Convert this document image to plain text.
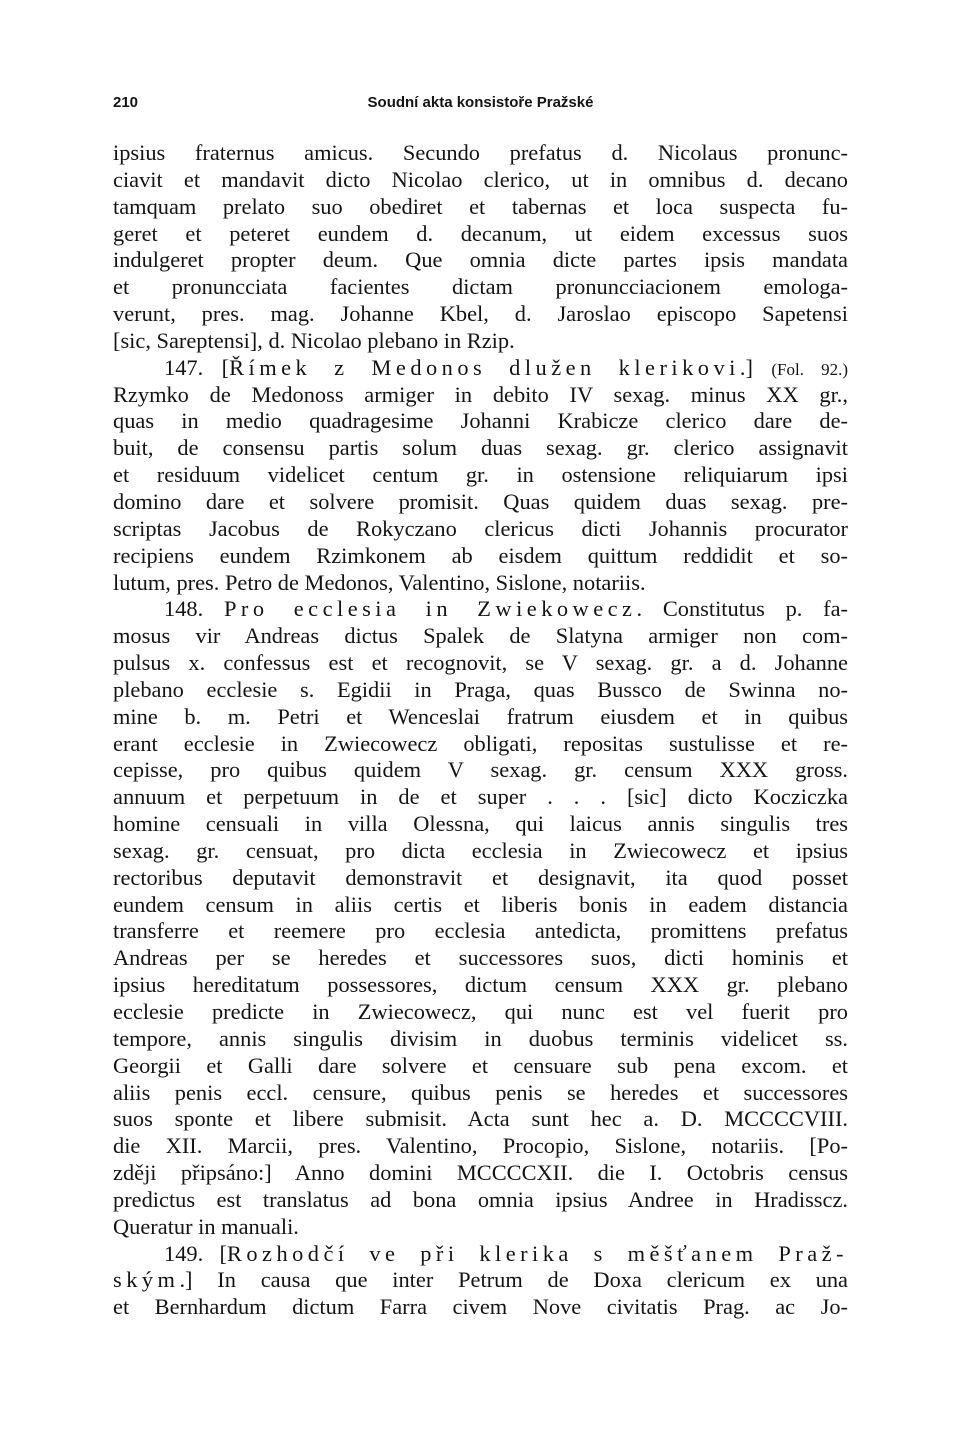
210	Soudní akta konsistoře Pražské
ipsius fraternus amicus. Secundo prefatus d. Nicolaus pronunc-
ciavit et mandavit dicto Nicolao clerico, ut in omnibus d. decano
tamquam prelato suo obediret et tabernas et loca suspecta fu-
geret et peteret eundem d. decanum, ut eidem excessus suos
indulgeret propter deum. Que omnia dicte partes ipsis mandata
et pronuncciata facientes dictam pronuncciacionem emologa-
verunt, pres. mag. Johanne Kbel, d. Jaroslao episcopo Sapetensi
[sic, Sareptensi], d. Nicolao plebano in Rzip.
147. [Římek z Medonos dlužen klerikovi.] (Fol. 92.)
Rzymko de Medonoss armiger in debito IV sexag. minus XX gr.,
quas in medio quadragesime Johanni Krabicze clerico dare de-
buit, de consensu partis solum duas sexag. gr. clerico assignavit
et residuum videlicet centum gr. in ostensione reliquiarum ipsi
domino dare et solvere promisit. Quas quidem duas sexag. pre-
scriptas Jacobus de Rokyczano clericus dicti Johannis procurator
recipiens eundem Rzimkonem ab eisdem quittum reddidit et so-
lutum, pres. Petro de Medonos, Valentino, Sislone, notariis.
148. Pro ecclesia in Zwiekowecz. Constitutus p. fa-
mosus vir Andreas dictus Spalek de Slatyna armiger non com-
pulsus x. confessus est et recognovit, se V sexag. gr. a d. Johanne
plebano ecclesie s. Egidii in Praga, quas Bussco de Swinna no-
mine b. m. Petri et Wenceslai fratrum eiusdem et in quibus
erant ecclesie in Zwiecowecz obligati, repositas sustulisse et re-
cepisse, pro quibus quidem V sexag. gr. censum XXX gross.
annuum et perpetuum in de et super . . . [sic] dicto Kocziczka
homine censuali in villa Olessna, qui laicus annis singulis tres
sexag. gr. censuat, pro dicta ecclesia in Zwiecowecz et ipsius
rectoribus deputavit demonstravit et designavit, ita quod posset
eundem censum in aliis certis et liberis bonis in eadem distancia
transferre et reemere pro ecclesia antedicta, promittens prefatus
Andreas per se heredes et successores suos, dicti hominis et
ipsius hereditatum possessores, dictum censum XXX gr. plebano
ecclesie predicte in Zwiecowecz, qui nunc est vel fuerit pro
tempore, annis singulis divisim in duobus terminis videlicet ss.
Georgii et Galli dare solvere et censuare sub pena excom. et
aliis penis eccl. censure, quibus penis se heredes et successores
suos sponte et libere submisit. Acta sunt hec a. D. MCCCCVIII.
die XII. Marcii, pres. Valentino, Procopio, Sislone, notariis. [Po-
zději připsáno:] Anno domini MCCCCXII. die I. Octobris census
predictus est translatus ad bona omnia ipsius Andree in Hradisscz.
Queratur in manuali.
149. [Rozhodčí ve při klerika s měšťanem Praž-
ským.] In causa que inter Petrum de Doxa clericum ex una
et Bernhardum dictum Farra civem Nove civitatis Prag. ac Jo-
